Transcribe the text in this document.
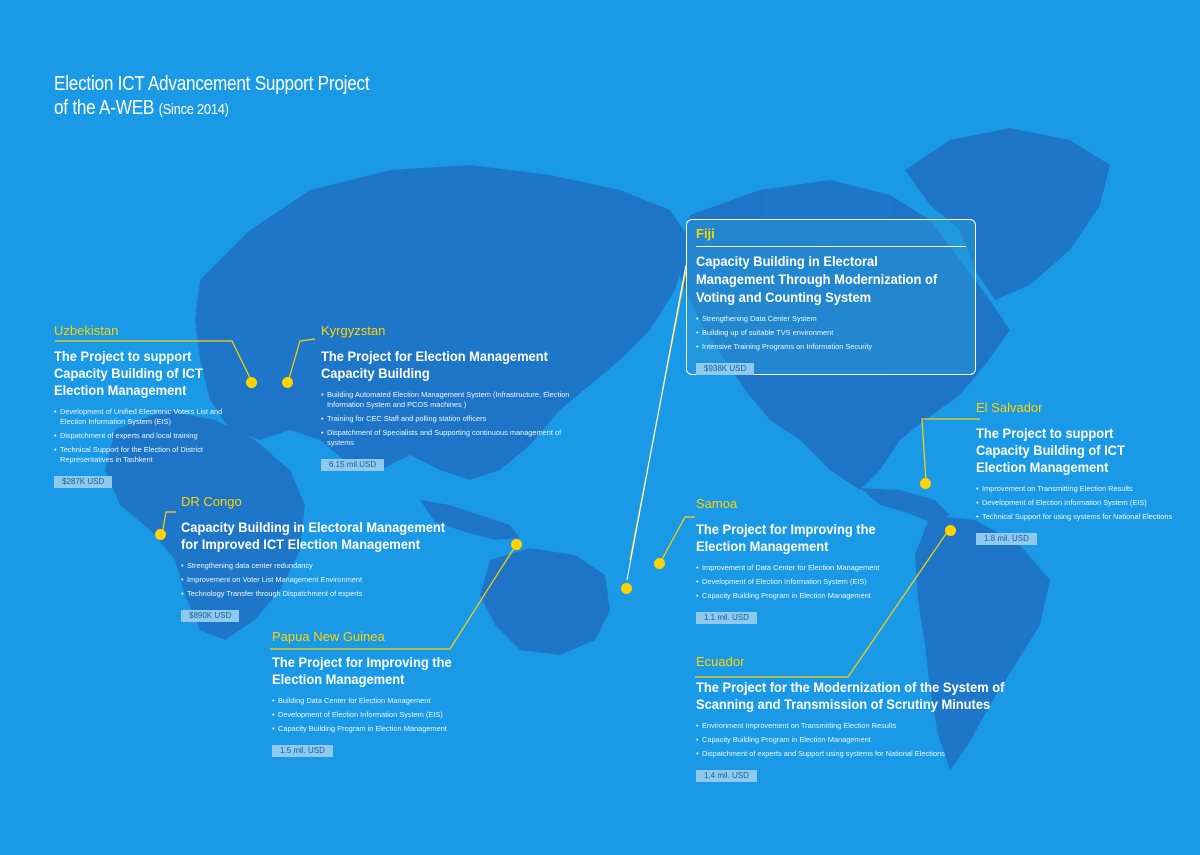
Election ICT Advancement Support Project
of the A-WEB (Since 2014)
Uzbekistan
The Project to support Capacity Building of ICT Election Management
• Development of Unified Electronic Voters List and Election Information System (EIS)
• Dispatchment of experts and local training
• Technical Support for the Election of District Representatives in Tashkent
$287K USD
Kyrgyzstan
The Project for Election Management Capacity Building
• Building Automated Election Management System (Infrastructure, Election Information System and PCOS machines )
• Training for CEC Staff and polling station officers
• Dispatchment of Specialists and Supporting continuous management of systems
6.15 mil.USD
DR Congo
Capacity Building in Electoral Management for Improved ICT Election Management
• Strengthening data center redundancy
• Improvement on Voter List Management Environment
• Technology Transfer through Dispatchment of experts
$890K USD
Papua New Guinea
The Project for Improving the Election Management
• Building Data Center for Election Management
• Development of Election Information System (EIS)
• Capacity Building Program in Election Management
1.5 mil. USD
Fiji
Capacity Building in Electoral Management Through Modernization of Voting and Counting System
• Strengthening Data Center System
• Building up of suitable TVS environment
• Intensive Training Programs on Information Security
$938K USD
Samoa
The Project for Improving the Election Management
• Improvement of Data Center for Election Management
• Development of Election Information System (EIS)
• Capacity Building Program in Election Management
1.1 mil. USD
El Salvador
The Project to support Capacity Building of ICT Election Management
• Improvement on Transmitting Election Results
• Development of Election Information System (EIS)
• Technical Support for using systems for National Elections
1.8 mil. USD
Ecuador
The Project for the Modernization of the System of Scanning and Transmission of Scrutiny Minutes
• Environment Improvement on Transmitting Election Results
• Capacity Building Program in Election Management
• Dispatchment of experts and Support using systems for National Elections
1.4 mil. USD
